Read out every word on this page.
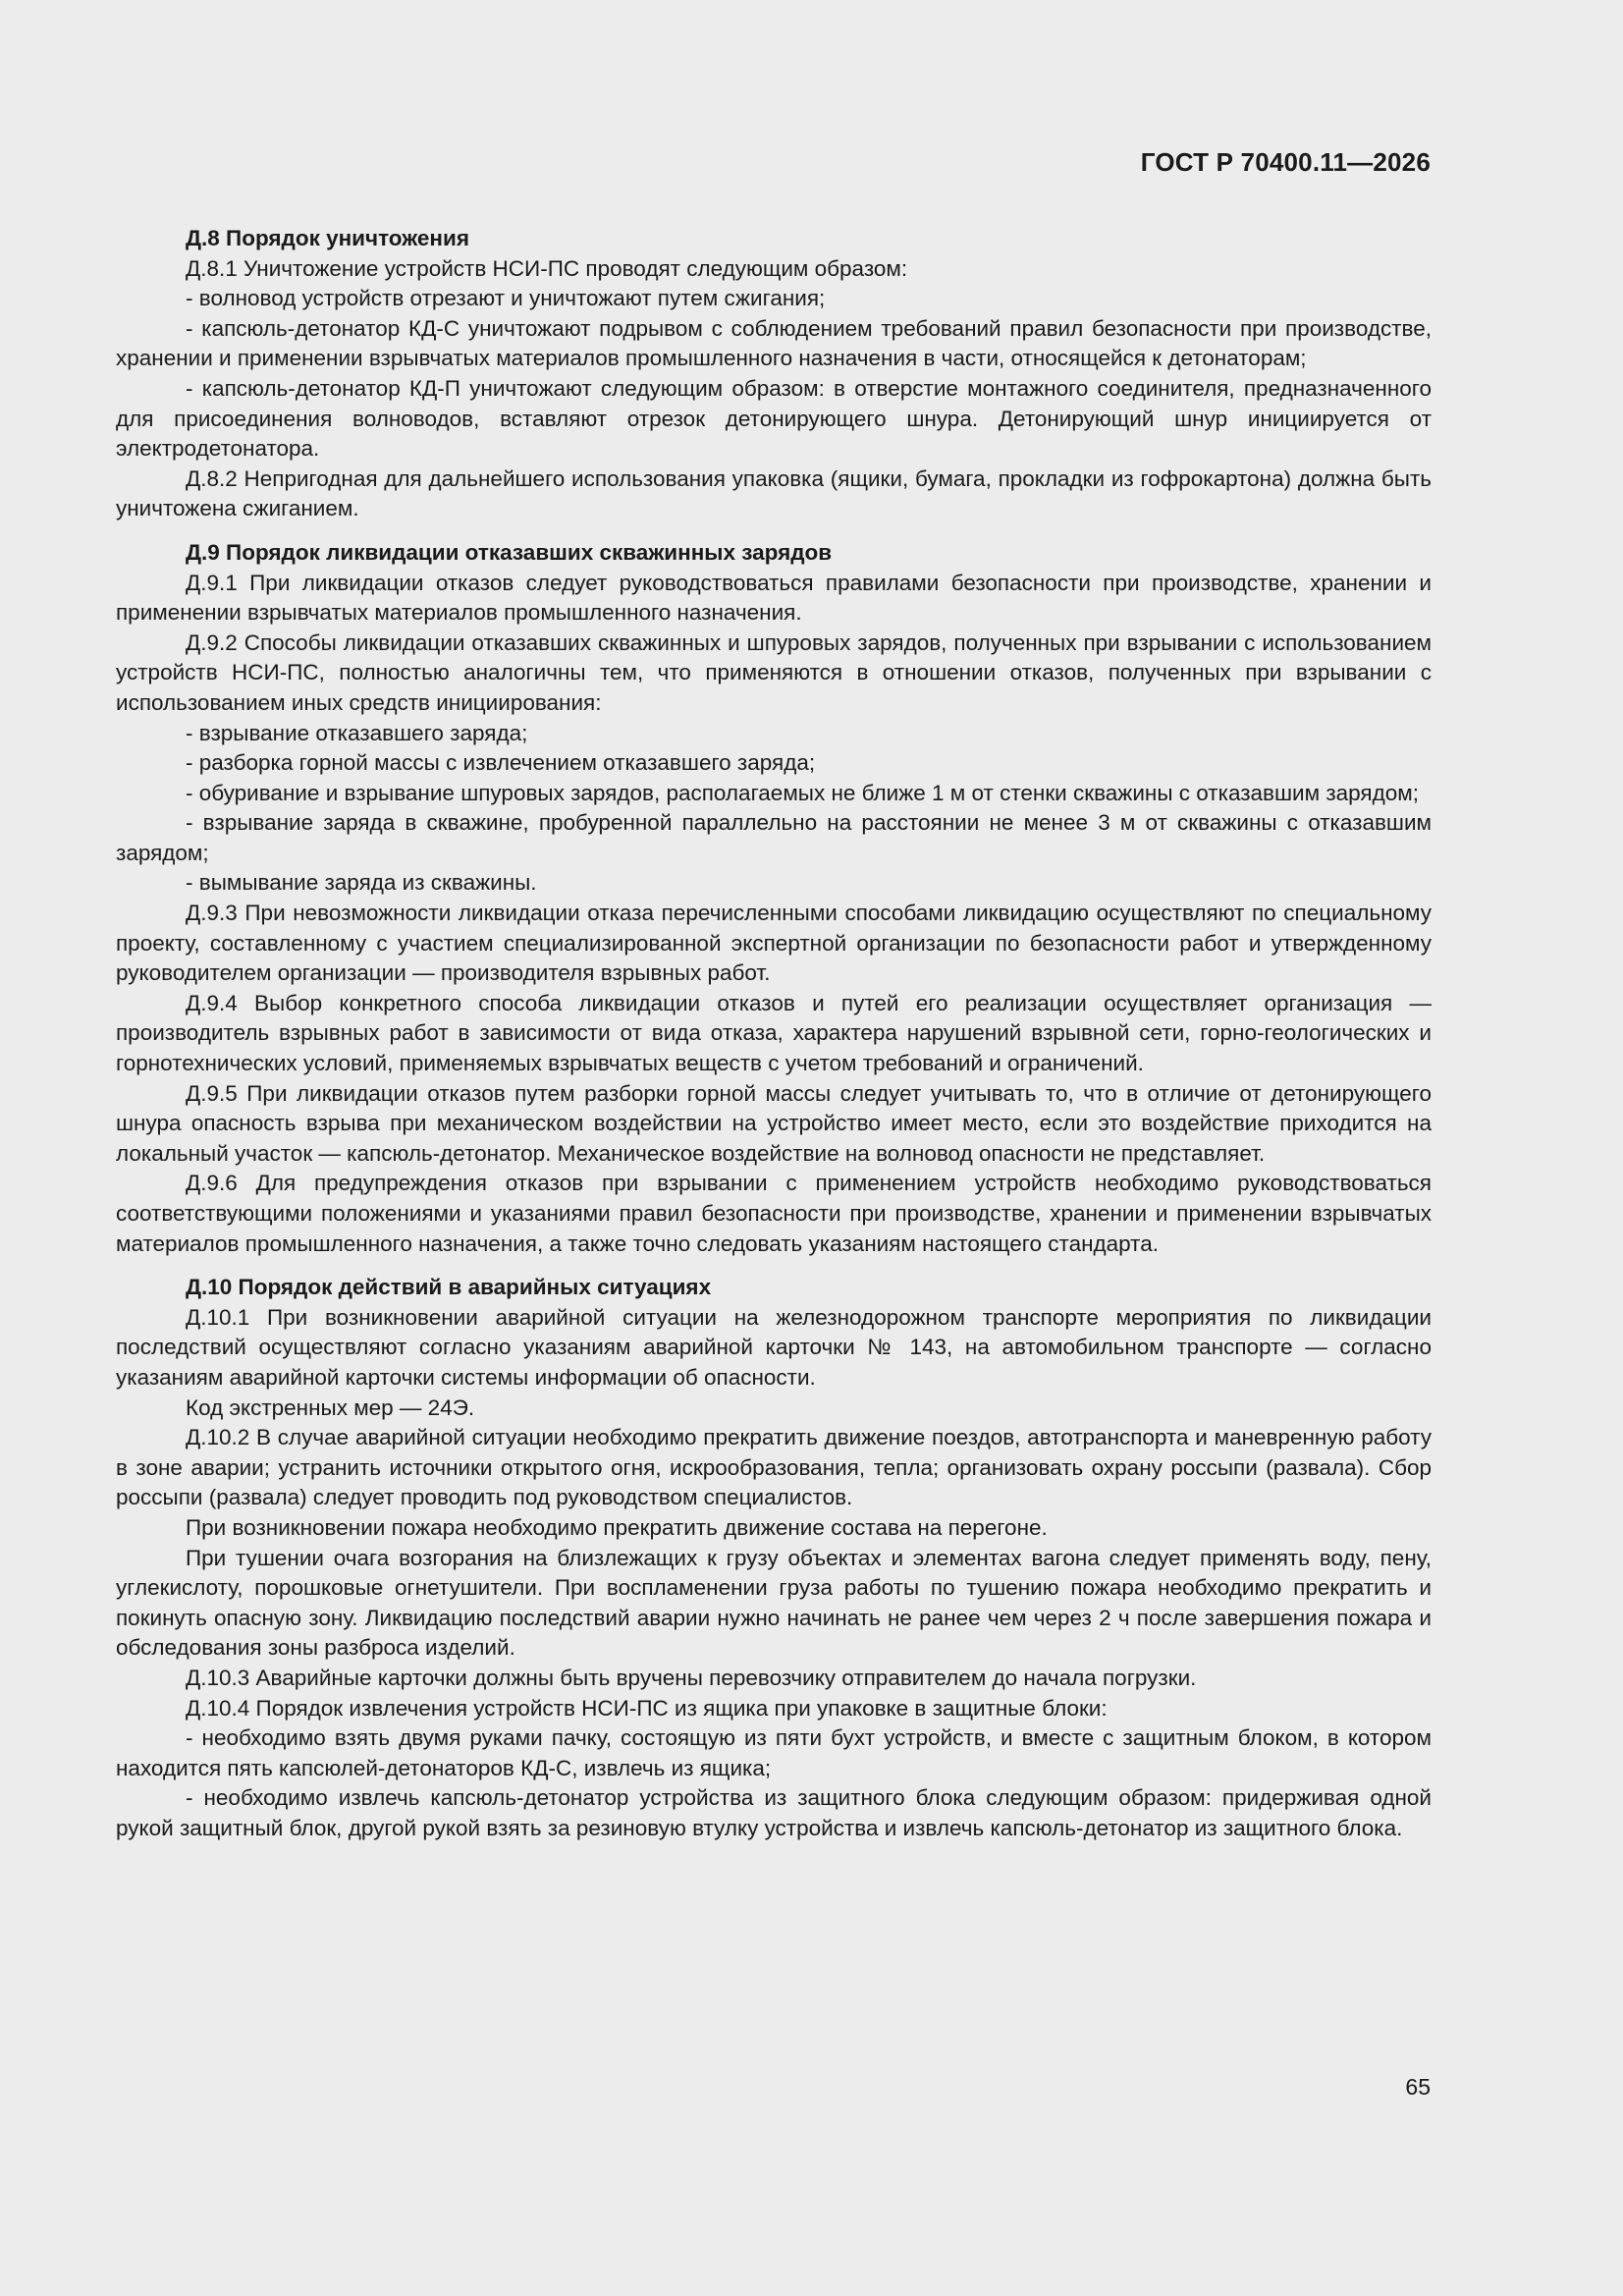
ГОСТ Р 70400.11—2026
Д.8 Порядок уничтожения

Д.8.1 Уничтожение устройств НСИ-ПС проводят следующим образом:

- волновод устройств отрезают и уничтожают путем сжигания;

- капсюль-детонатор КД-С уничтожают подрывом с соблюдением требований правил безопасности при производстве, хранении и применении взрывчатых материалов промышленного назначения в части, относящейся к детонаторам;

- капсюль-детонатор КД-П уничтожают следующим образом: в отверстие монтажного соединителя, предназначенного для присоединения волноводов, вставляют отрезок детонирующего шнура. Детонирующий шнур инициируется от электродетонатора.

Д.8.2 Непригодная для дальнейшего использования упаковка (ящики, бумага, прокладки из гофрокартона) должна быть уничтожена сжиганием.

Д.9 Порядок ликвидации отказавших скважинных зарядов

Д.9.1 При ликвидации отказов следует руководствоваться правилами безопасности при производстве, хранении и применении взрывчатых материалов промышленного назначения.

Д.9.2 Способы ликвидации отказавших скважинных и шпуровых зарядов, полученных при взрывании с использованием устройств НСИ-ПС, полностью аналогичны тем, что применяются в отношении отказов, полученных при взрывании с использованием иных средств инициирования:

- взрывание отказавшего заряда;

- разборка горной массы с извлечением отказавшего заряда;

- обуривание и взрывание шпуровых зарядов, располагаемых не ближе 1 м от стенки скважины с отказавшим зарядом;

- взрывание заряда в скважине, пробуренной параллельно на расстоянии не менее 3 м от скважины с отказавшим зарядом;

- вымывание заряда из скважины.

Д.9.3 При невозможности ликвидации отказа перечисленными способами ликвидацию осуществляют по специальному проекту, составленному с участием специализированной экспертной организации по безопасности работ и утвержденному руководителем организации — производителя взрывных работ.

Д.9.4 Выбор конкретного способа ликвидации отказов и путей его реализации осуществляет организация — производитель взрывных работ в зависимости от вида отказа, характера нарушений взрывной сети, горно-геологических и горнотехнических условий, применяемых взрывчатых веществ с учетом требований и ограничений.

Д.9.5 При ликвидации отказов путем разборки горной массы следует учитывать то, что в отличие от детонирующего шнура опасность взрыва при механическом воздействии на устройство имеет место, если это воздействие приходится на локальный участок — капсюль-детонатор. Механическое воздействие на волновод опасности не представляет.

Д.9.6 Для предупреждения отказов при взрывании с применением устройств необходимо руководствоваться соответствующими положениями и указаниями правил безопасности при производстве, хранении и применении взрывчатых материалов промышленного назначения, а также точно следовать указаниям настоящего стандарта.

Д.10 Порядок действий в аварийных ситуациях

Д.10.1 При возникновении аварийной ситуации на железнодорожном транспорте мероприятия по ликвидации последствий осуществляют согласно указаниям аварийной карточки № 143, на автомобильном транспорте — согласно указаниям аварийной карточки системы информации об опасности.

Код экстренных мер — 24Э.

Д.10.2 В случае аварийной ситуации необходимо прекратить движение поездов, автотранспорта и маневренную работу в зоне аварии; устранить источники открытого огня, искрообразования, тепла; организовать охрану россыпи (развала). Сбор россыпи (развала) следует проводить под руководством специалистов.

При возникновении пожара необходимо прекратить движение состава на перегоне.

При тушении очага возгорания на близлежащих к грузу объектах и элементах вагона следует применять воду, пену, углекислоту, порошковые огнетушители. При воспламенении груза работы по тушению пожара необходимо прекратить и покинуть опасную зону. Ликвидацию последствий аварии нужно начинать не ранее чем через 2 ч после завершения пожара и обследования зоны разброса изделий.

Д.10.3 Аварийные карточки должны быть вручены перевозчику отправителем до начала погрузки.

Д.10.4 Порядок извлечения устройств НСИ-ПС из ящика при упаковке в защитные блоки:

- необходимо взять двумя руками пачку, состоящую из пяти бухт устройств, и вместе с защитным блоком, в котором находится пять капсюлей-детонаторов КД-С, извлечь из ящика;

- необходимо извлечь капсюль-детонатор устройства из защитного блока следующим образом: придерживая одной рукой защитный блок, другой рукой взять за резиновую втулку устройства и извлечь капсюль-детонатор из защитного блока.

65
